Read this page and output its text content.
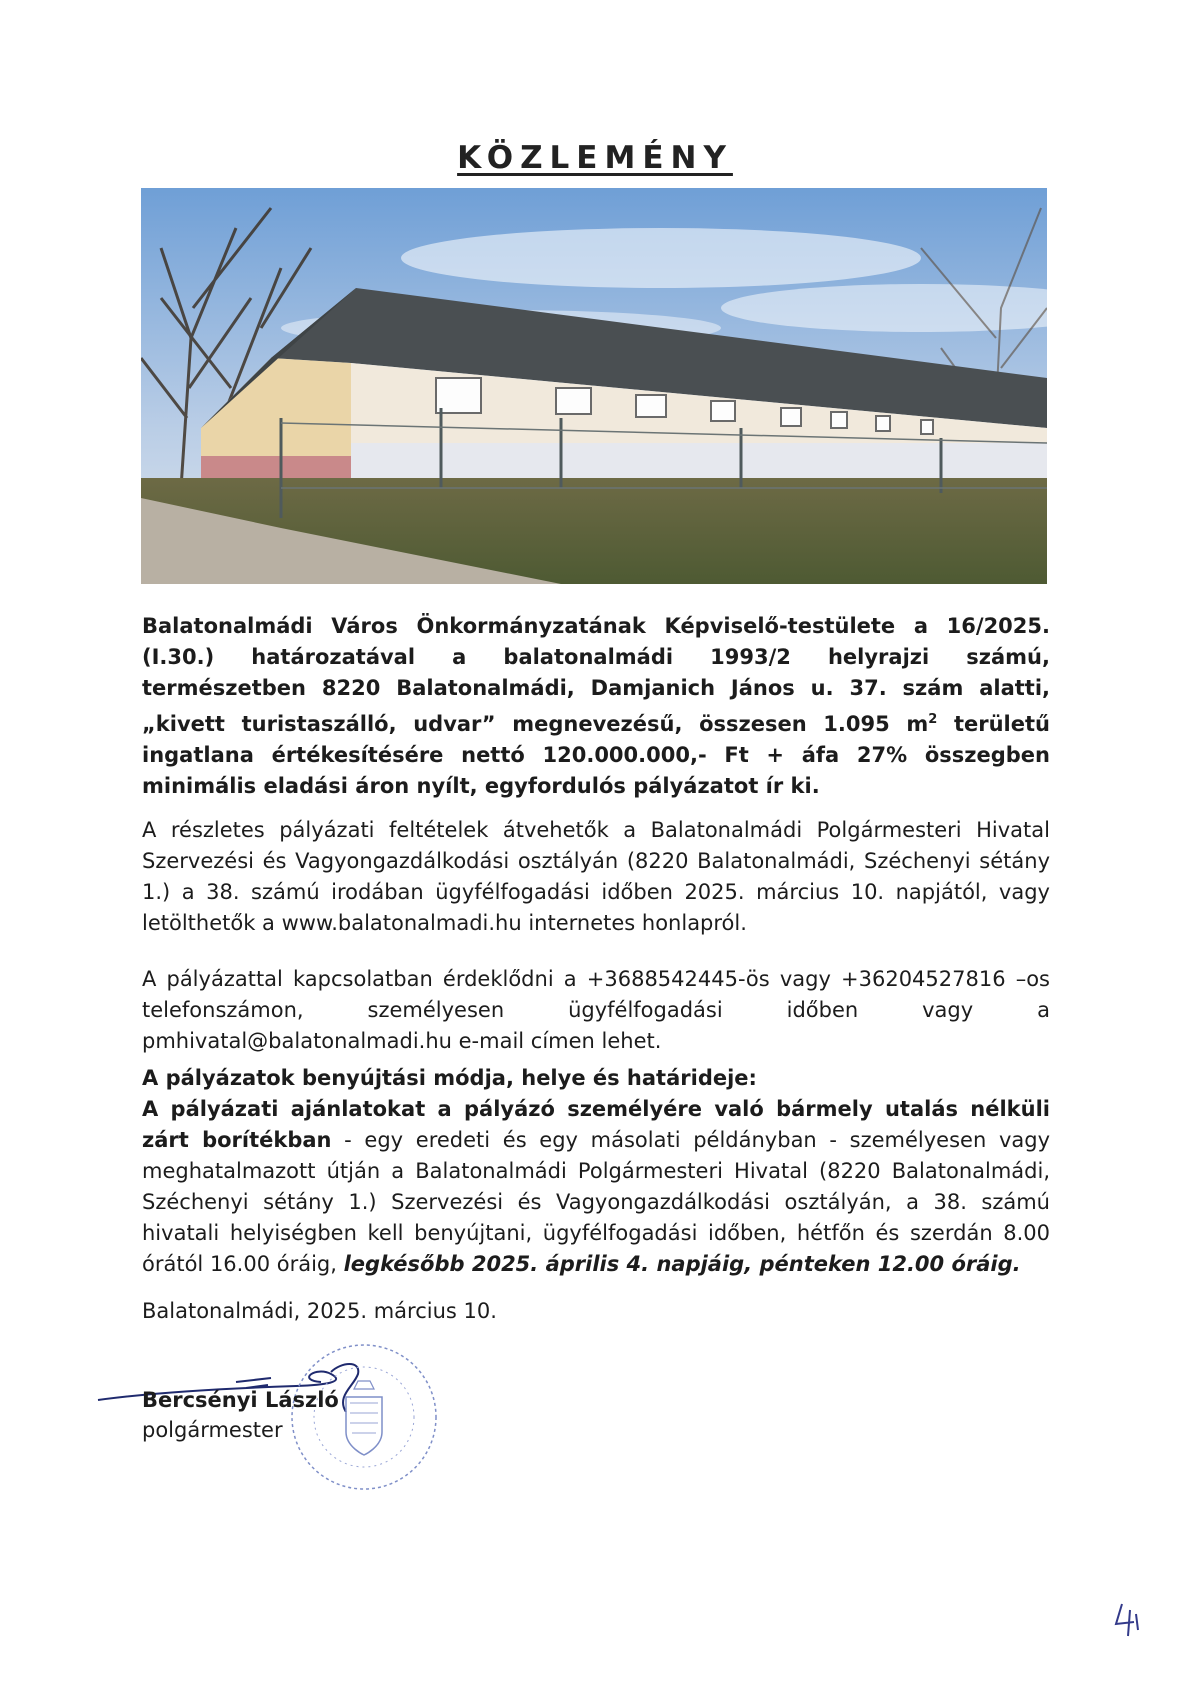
KÖZLEMÉNY
Balatonalmádi Város Önkormányzatának Képviselő-testülete a 16/2025.
(I.30.) határozatával a balatonalmádi 1993/2 helyrajzi számú,
természetben 8220 Balatonalmádi, Damjanich János u. 37. szám alatti,
„kivett turistaszálló, udvar” megnevezésű, összesen 1.095 $m^2$ területű
ingatlana értékesítésére nettó 120.000.000,- Ft + áfa 27% összegben
minimális eladási áron nyílt, egyfordulós pályázatot ír ki.
A részletes pályázati feltételek átvehetők a Balatonalmádi Polgármesteri Hivatal
Szervezési és Vagyongazdálkodási osztályán (8220 Balatonalmádi, Széchenyi sétány
1.) a 38. számú irodában ügyfélfogadási időben 2025. március 10. napjától, vagy
letölthetők a www.balatonalmadi.hu internetes honlapról.
A pályázattal kapcsolatban érdeklődni a +3688542445-ös vagy +36204527816 –os
telefonszámon, személyesen ügyfélfogadási időben vagy a
pmhivatal@balatonalmadi.hu e-mail címen lehet.
A pályázatok benyújtási módja, helye és határideje:
A pályázati ajánlatokat a pályázó személyére való bármely utalás nélküli
zárt borítékban - egy eredeti és egy másolati példányban - személyesen vagy
meghatalmazott útján a Balatonalmádi Polgármesteri Hivatal (8220 Balatonalmádi,
Széchenyi sétány 1.) Szervezési és Vagyongazdálkodási osztályán, a 38. számú
hivatali helyiségben kell benyújtani, ügyfélfogadási időben, hétfőn és szerdán 8.00
órától 16.00 óráig, legkésőbb 2025. április 4. napjáig, pénteken 12.00 óráig.
Balatonalmádi, 2025. március 10.
Bercsényi László
polgármester
